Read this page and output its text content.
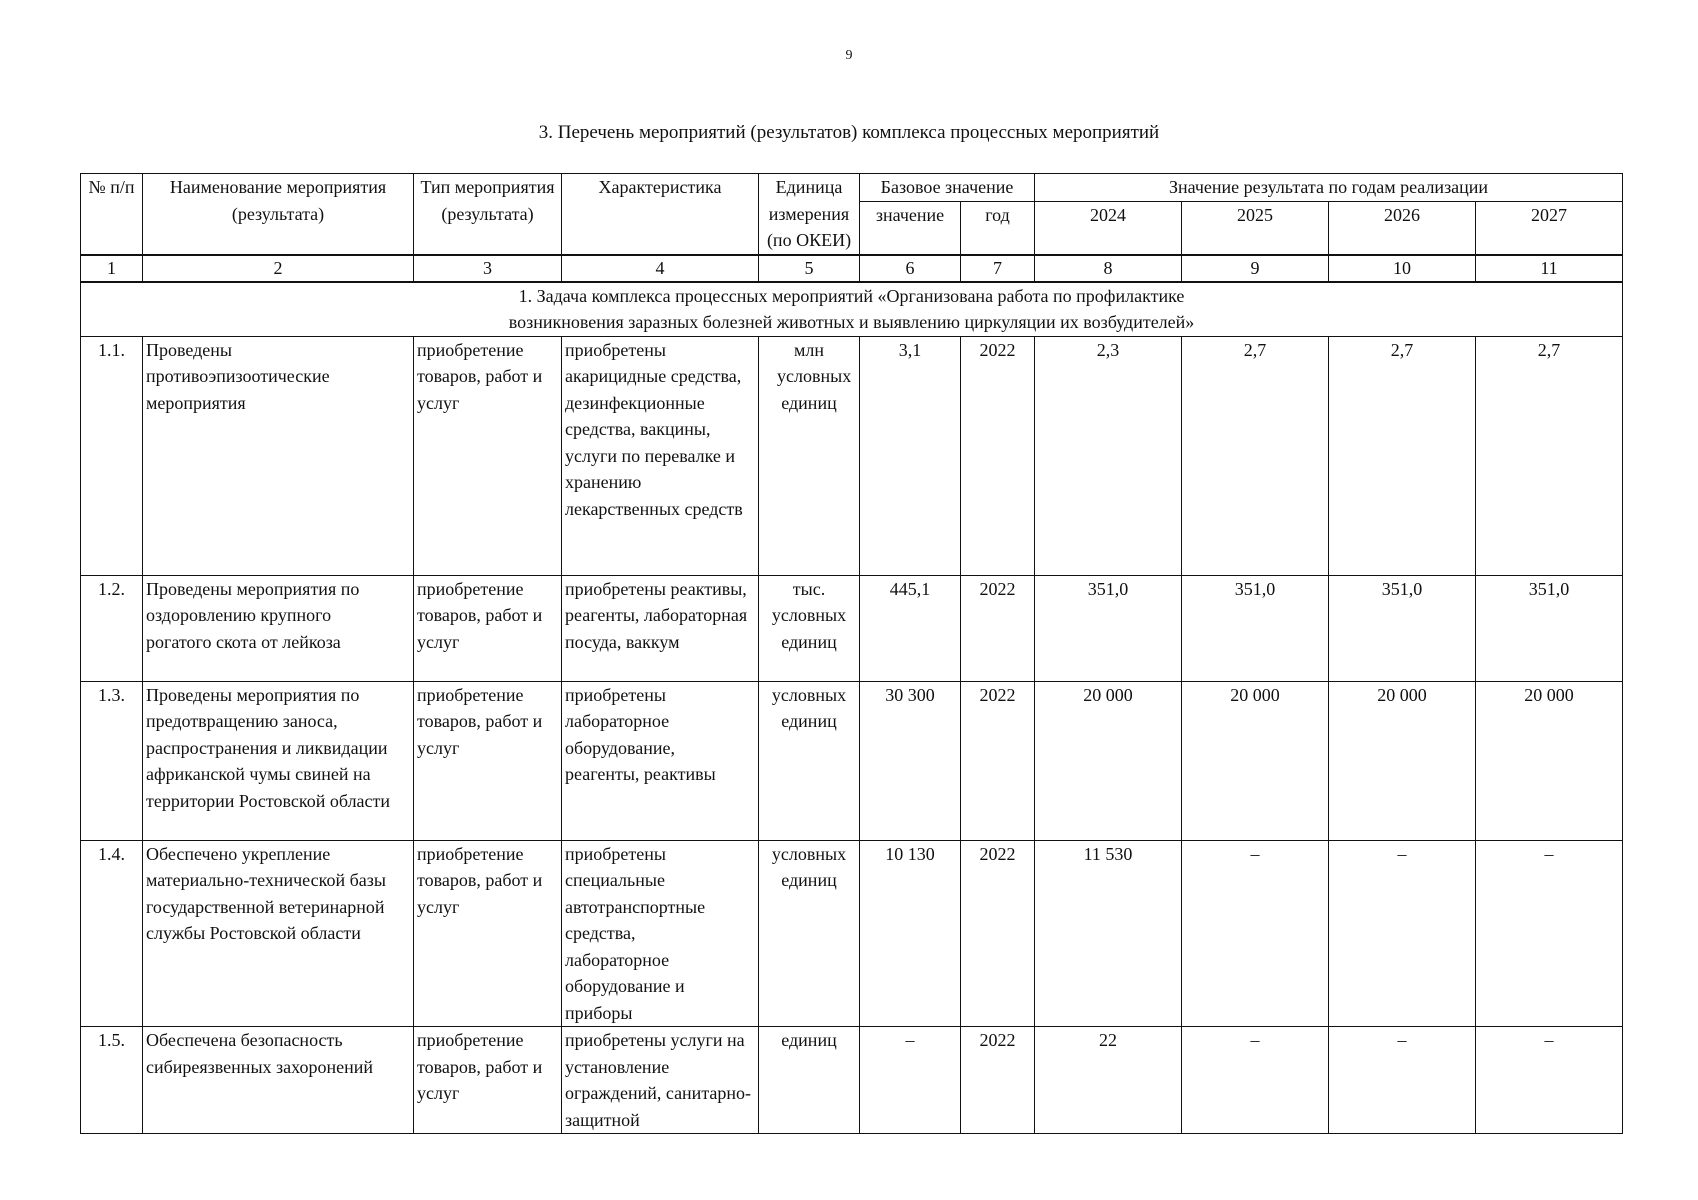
9
3. Перечень мероприятий (результатов) комплекса процессных мероприятий
№ п/п	Наименование мероприятия (результата)	Тип мероприятия (результата)	Характеристика	Единица измерения (по ОКЕИ)	Базовое значение		Значение результата по годам реализации			
					значение	год	2024	2025	2026	2027
1	2	3	4	5	6	7	8	9	10	11

1. Задача комплекса процессных мероприятий «Организована работа по профилактике
возникновения заразных болезней животных и выявлению циркуляции их возбудителей»										

1.1.	Проведены противоэпизоотические мероприятия	приобретение товаров, работ и услуг	приобретены акарицидные средства, дезинфекционные средства, вакцины, услуги по перевалке и хранению лекарственных средств	млн условных единиц	3,1	2022	2,3	2,7	2,7	2,7
1.2.	Проведены мероприятия по оздоровлению крупного рогатого скота от лейкоза	приобретение товаров, работ и услуг	приобретены реактивы, реагенты, лабораторная посуда, ваккум	тыс. условных единиц	445,1	2022	351,0	351,0	351,0	351,0
1.3.	Проведены мероприятия по предотвращению заноса, распространения и ликвидации африканской чумы свиней на территории Ростовской области	приобретение товаров, работ и услуг	приобретены лабораторное оборудование, реагенты, реактивы	условных единиц	30 300	2022	20 000	20 000	20 000	20 000
1.4.	Обеспечено укрепление материально-технической базы государственной ветеринарной службы Ростовской области	приобретение товаров, работ и услуг	приобретены специальные автотранспортные средства, лабораторное оборудование и приборы	условных единиц	10 130	2022	11 530	–	–	–
1.5.	Обеспечена безопасность сибиреязвенных захоронений	приобретение товаров, работ и услуг	приобретены услуги на установление ограждений, санитарно-защитной	единиц	–	2022	22	–	–	–
